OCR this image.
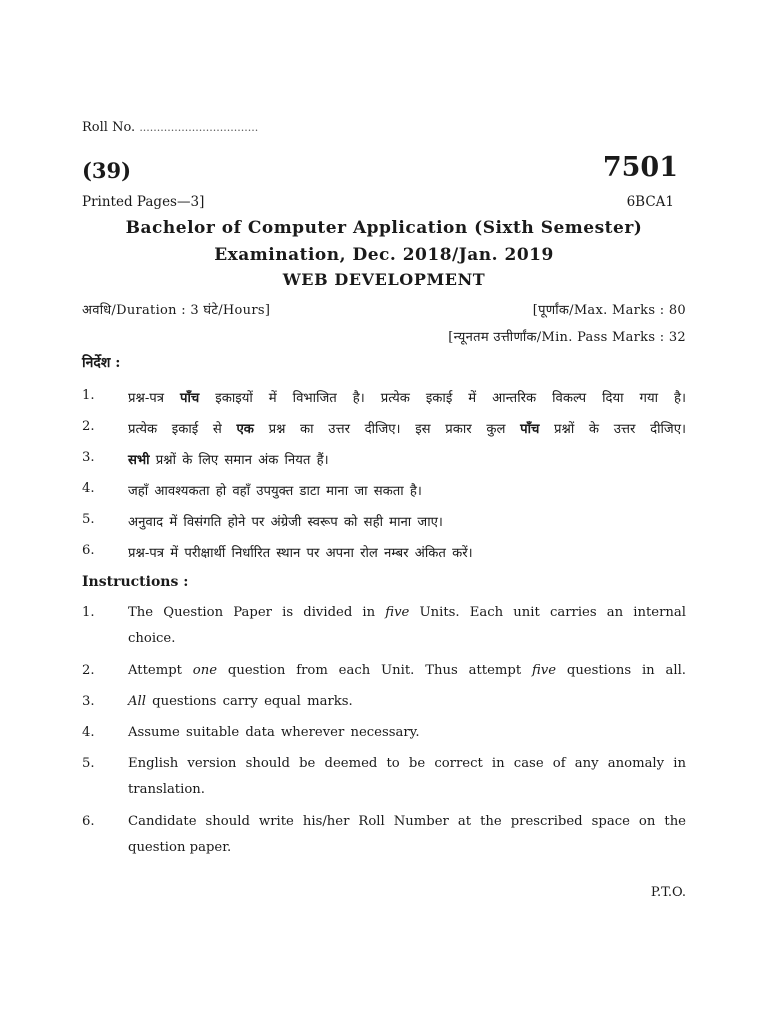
Roll No. ..................................
(39)	7501
Printed Pages—3]	6BCA1
Bachelor of Computer Application (Sixth Semester)
Examination, Dec. 2018/Jan. 2019
WEB DEVELOPMENT
अवधि/Duration : 3 घंटे/Hours]	[पूर्णांक/Max. Marks : 80
[न्यूनतम उत्तीर्णांक/Min. Pass Marks : 32
निर्देश :
1.	प्रश्न-पत्र पाँच इकाइयों में विभाजित है। प्रत्येक इकाई में आन्तरिक विकल्प दिया गया है।
2.	प्रत्येक इकाई से एक प्रश्न का उत्तर दीजिए। इस प्रकार कुल पाँच प्रश्नों के उत्तर दीजिए।
3.	सभी प्रश्नों के लिए समान अंक नियत हैं।
4.	जहाँ आवश्यकता हो वहाँ उपयुक्त डाटा माना जा सकता है।
5.	अनुवाद में विसंगति होने पर अंग्रेजी स्वरूप को सही माना जाए।
6.	प्रश्न-पत्र में परीक्षार्थी निर्धारित स्थान पर अपना रोल नम्बर अंकित करें।
Instructions :
1.	The Question Paper is divided in five Units. Each unit carries an internal
choice.
2.	Attempt one question from each Unit. Thus attempt five questions in all.
3.	All questions carry equal marks.
4.	Assume suitable data wherever necessary.
5.	English version should be deemed to be correct in case of any anomaly in
translation.
6.	Candidate should write his/her Roll Number at the prescribed space on the
question paper.
P.T.O.
